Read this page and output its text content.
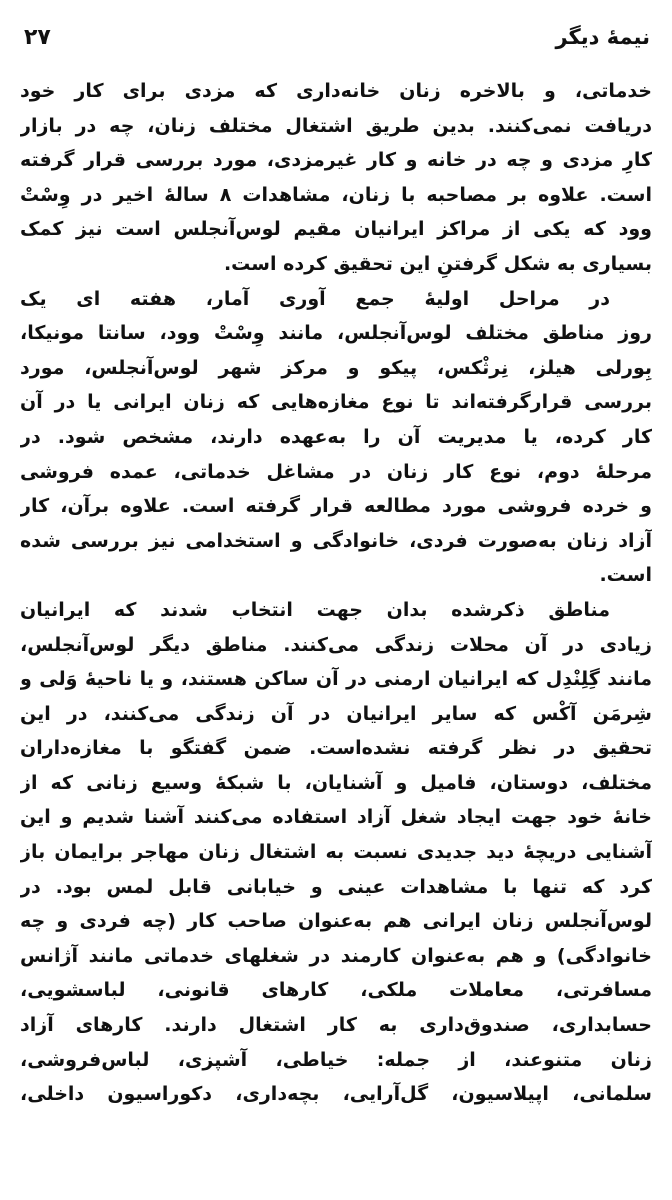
نیمهٔ دیگر
۲۷
خدماتی، و بالاخره زنان خانه‌داری که مزدی برای کار خود
دریافت نمی‌کنند. بدین طریق اشتغال مختلف زنان، چه در بازار
کارِ مزدی و چه در خانه و کار غیرمزدی، مورد بررسی قرار گرفته
است. علاوه بر مصاحبه با زنان، مشاهدات ۸ سالهٔ اخیر در وِسْتْ
وود که یکی از مراکز ایرانیان مقیم لوس‌آنجلس است نیز کمک
بسیاری به شکل گرفتنِ این تحقیق کرده است.
در مراحل اولیهٔ جمع آوری آمار، هفته ای یک
روز مناطق مختلف لوس‌آنجلس، مانند وِسْتْ وود، سانتا مونیکا،
بِورلی هیلز، نِرثْکس، پیکو و مرکز شهر لوس‌آنجلس، مورد
بررسی قرارگرفته‌اند تا نوع مغازه‌هایی که زنان ایرانی یا در آن
کار کرده، یا مدیریت آن را به‌عهده دارند، مشخص شود. در
مرحلهٔ دوم، نوع کار زنان در مشاغل خدماتی، عمده فروشی
و خرده فروشی مورد مطالعه قرار گرفته است. علاوه برآن، کار
آزاد زنان به‌صورت فردی، خانوادگی و استخدامی نیز بررسی شده
است.
مناطق ذکرشده بدان جهت انتخاب شدند که ایرانیان
زیادی در آن محلات زندگی می‌کنند. مناطق دیگر لوس‌آنجلس،
مانند گِلِنْدِل که ایرانیان ارمنی در آن ساکن هستند، و یا ناحیهٔ وَلی و
شِرمَن آکْس که سایر ایرانیان در آن زندگی می‌کنند، در این
تحقیق در نظر گرفته نشده‌است. ضمن گفتگو با مغازه‌داران
مختلف، دوستان، فامیل و آشنایان، با شبکهٔ وسیع زنانی که از
خانهٔ خود جهت ایجاد شغل آزاد استفاده می‌کنند آشنا شدیم و این
آشنایی دریچهٔ دید جدیدی نسبت به اشتغال زنان مهاجر برایمان باز
کرد که تنها با مشاهدات عینی و خیابانی قابل لمس بود. در
لوس‌آنجلس زنان ایرانی هم به‌عنوان صاحب کار (چه فردی و چه
خانوادگی) و هم به‌عنوان کارمند در شغلهای خدماتی مانند آژانس
مسافرتی، معاملات ملکی، کارهای قانونی، لباسشویی،
حسابداری، صندوق‌داری به کار اشتغال دارند. کارهای آزاد
زنان متنوعند، از جمله: خیاطی، آشپزی، لباس‌فروشی،
سلمانی، اپیلاسیون، گل‌آرایی، بچه‌داری، دکوراسیون داخلی،
